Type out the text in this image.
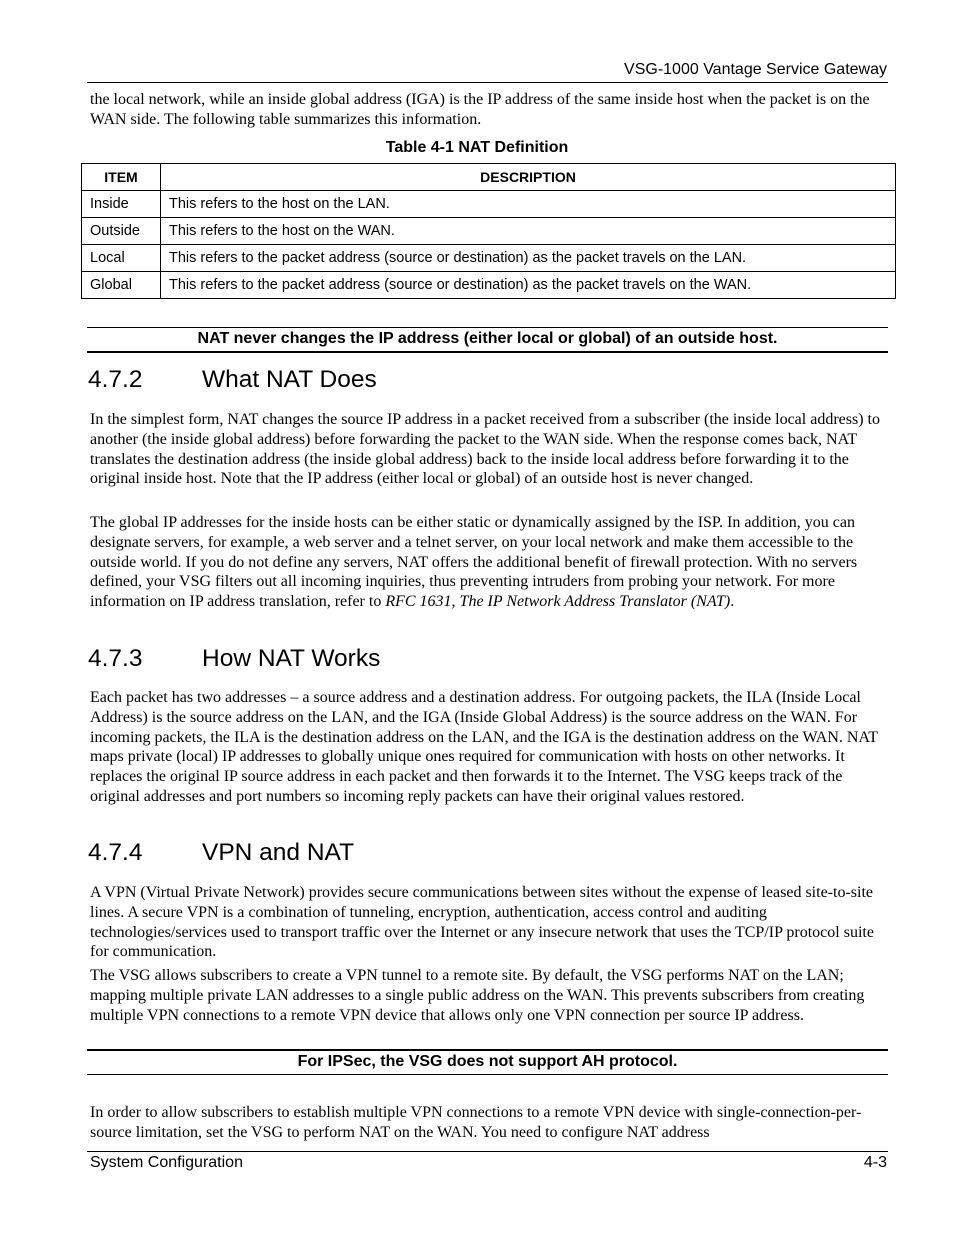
VSG-1000 Vantage Service Gateway

the local network, while an inside global address (IGA) is the IP address of the same inside host when the packet is on the WAN side. The following table summarizes this information.

Table 4-1 NAT Definition
ITEM	DESCRIPTION
Inside	This refers to the host on the LAN.
Outside	This refers to the host on the WAN.
Local	This refers to the packet address (source or destination) as the packet travels on the LAN.
Global	This refers to the packet address (source or destination) as the packet travels on the WAN.
NAT never changes the IP address (either local or global) of an outside host.
4.7.2 What NAT Does

In the simplest form, NAT changes the source IP address in a packet received from a subscriber (the inside local address) to another (the inside global address) before forwarding the packet to the WAN side. When the response comes back, NAT translates the destination address (the inside global address) back to the inside local address before forwarding it to the original inside host. Note that the IP address (either local or global) of an outside host is never changed.

The global IP addresses for the inside hosts can be either static or dynamically assigned by the ISP. In addition, you can designate servers, for example, a web server and a telnet server, on your local network and make them accessible to the outside world. If you do not define any servers, NAT offers the additional benefit of firewall protection. With no servers defined, your VSG filters out all incoming inquiries, thus preventing intruders from probing your network. For more information on IP address translation, refer to RFC 1631, The IP Network Address Translator (NAT).

4.7.3 How NAT Works

Each packet has two addresses – a source address and a destination address. For outgoing packets, the ILA (Inside Local Address) is the source address on the LAN, and the IGA (Inside Global Address) is the source address on the WAN. For incoming packets, the ILA is the destination address on the LAN, and the IGA is the destination address on the WAN. NAT maps private (local) IP addresses to globally unique ones required for communication with hosts on other networks. It replaces the original IP source address in each packet and then forwards it to the Internet. The VSG keeps track of the original addresses and port numbers so incoming reply packets can have their original values restored.

4.7.4 VPN and NAT

A VPN (Virtual Private Network) provides secure communications between sites without the expense of leased site-to-site lines. A secure VPN is a combination of tunneling, encryption, authentication, access control and auditing technologies/services used to transport traffic over the Internet or any insecure network that uses the TCP/IP protocol suite for communication.

The VSG allows subscribers to create a VPN tunnel to a remote site. By default, the VSG performs NAT on the LAN; mapping multiple private LAN addresses to a single public address on the WAN. This prevents subscribers from creating multiple VPN connections to a remote VPN device that allows only one VPN connection per source IP address.

For IPSec, the VSG does not support AH protocol.

In order to allow subscribers to establish multiple VPN connections to a remote VPN device with single-connection-per-source limitation, set the VSG to perform NAT on the WAN. You need to configure NAT address

System Configuration	4-3
